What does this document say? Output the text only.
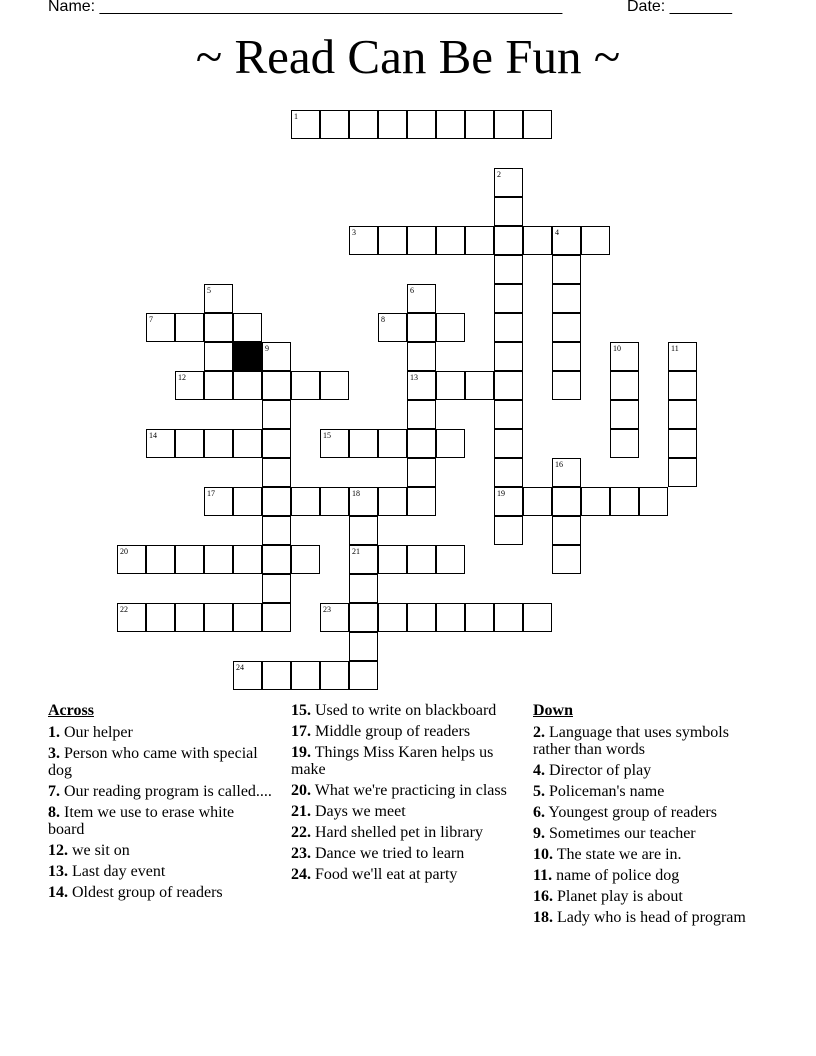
Name: ____________________________________________________	Date: _______
~ Read Can Be Fun ~
1
2
19
3	4
5	6
13
7	8
9	10	11
12
14	15
16
17	18
21
20
22	23
24
Across
1. Our helper
3. Person who came with special dog
7. Our reading program is called....
8. Item we use to erase white board
12. we sit on
13. Last day event
14. Oldest group of readers
15. Used to write on blackboard
17. Middle group of readers
19. Things Miss Karen helps us make
20. What we're practicing in class
21. Days we meet
22. Hard shelled pet in library
23. Dance we tried to learn
24. Food we'll eat at party
Down
2. Language that uses symbols rather than words
4. Director of play
5. Policeman's name
6. Youngest group of readers
9. Sometimes our teacher
10. The state we are in.
11. name of police dog
16. Planet play is about
18. Lady who is head of program
